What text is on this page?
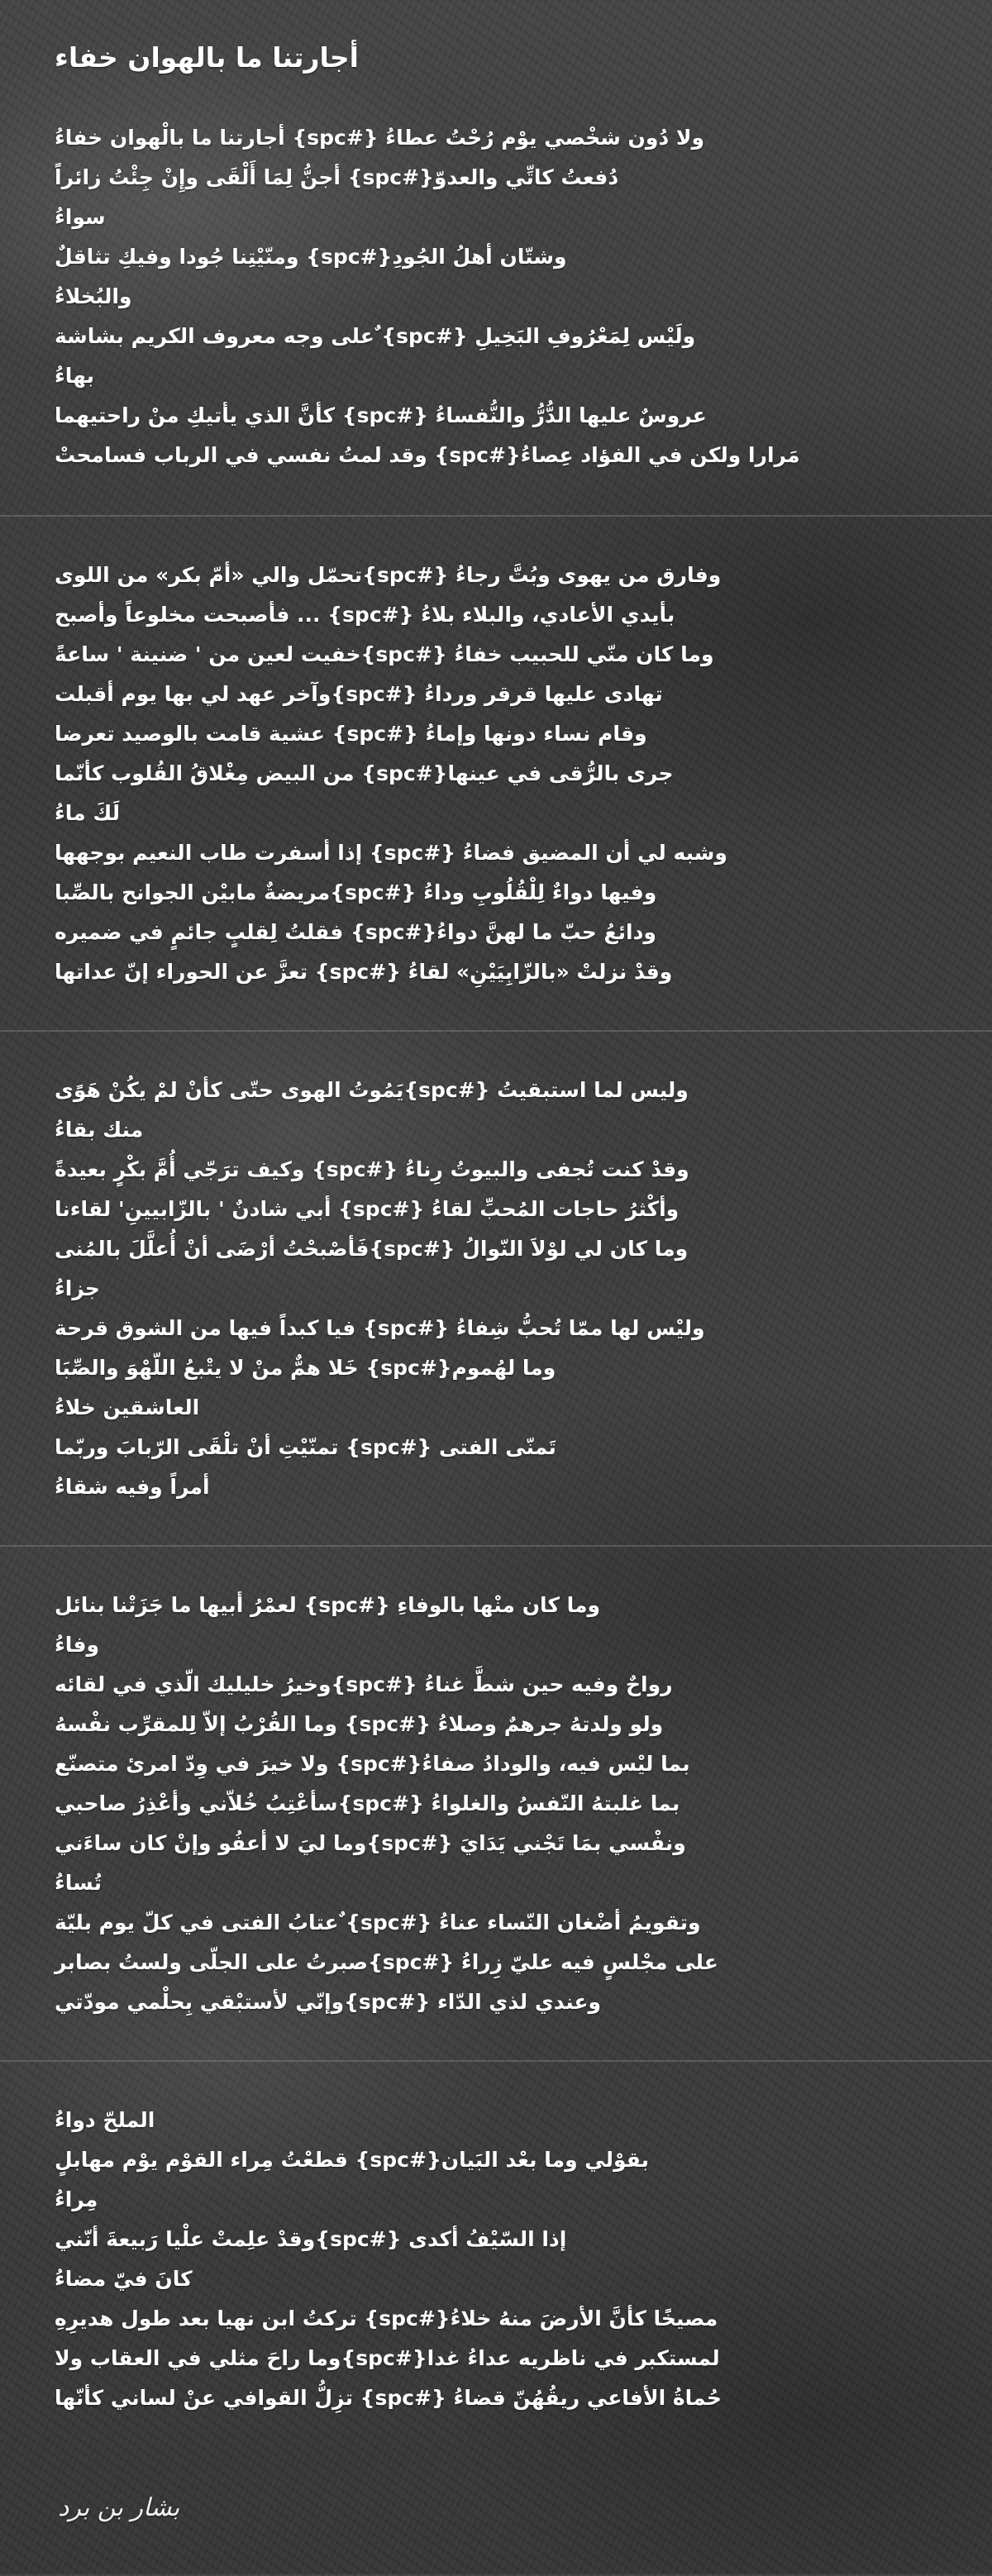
أجارتنا ما بالهوان خفاء
ولا دُون شخْصي يوْم رُحْتُ عطاءُ {#spc} أجارتنا ما بالْهوان خفاءُ
دُفعتُ كاتِّي والعدوّ{#spc} أجنُّ لِمَا أَلْقَى وإِنْ جِئْتُ زائراً
سواءُ
وشتّان أهلُ الجُودِ{#spc} ومنّيْتِنا جُودا وفيكِ تثاقلٌ
والبُخلاءُ
ولَيْس لِمَعْرُوفِ البَخِيلِ {#spc} ٌعلى وجه معروف الكريم بشاشة
بهاءُ
عروسٌ عليها الدُّرُّ والنُّفساءُ {#spc} كأنَّ الذي يأتيكِ منْ راحتيهما
مَرارا ولكن في الفؤاد عِصاءُ{#spc} وقد لمتُ نفسي في الرباب فسامحتْ
وفارق من يهوى وبُتَّ رجاءُ {#spc}تحمّل والي «أمّ بكر» من اللوى
بأيدي الأعادي، والبلاء بلاءُ {#spc} ... فأصبحت مخلوعاً وأصبح
وما كان منّي للحبيب خفاءُ {#spc}خفيت لعين من ' ضنينة ' ساعةً
تهادى عليها قرقر ورداءُ {#spc}وآخر عهد لي بها يوم أقبلت
وقام نساء دونها وإماءُ {#spc} عشية قامت بالوصيد تعرضا
جرى بالرُّقى في عينها{#spc} من البيض مِغْلاقُ القُلوب كأنّما
لَكَ ماءُ
وشبه لي أن المضيق فضاءُ {#spc} إذا أسفرت طاب النعيم بوجهها
وفيها دواءٌ لِلْقُلُوبِ وداءُ {#spc}مريضةٌ مابيْن الجوانح بالصِّبا
ودائعُ حبّ ما لهنَّ دواءُ{#spc} فقلتُ لِقلبٍ جائمٍ في ضميره
وقدْ نزلتْ «بالزّابِيَيْنِ» لقاءُ {#spc} تعزَّ عن الحوراء إنّ عداتها
وليس لما استبقيتُ {#spc}يَمُوتُ الهوى حتّى كأنْ لمْ يكُنْ هَوًى
منك بقاءُ
وقدْ كنت تُجفى والبيوتُ رِناءُ {#spc} وكيف ترَجّي أُمَّ بكْرٍ بعيدةً
وأكْثرُ حاجات المُحبِّ لقاءُ {#spc} أبي شادنٌ ' بالزّابيينِ' لقاءنا
وما كان لي لوْلاَ النّوالُ {#spc}فَأصْبحْتُ أرْضَى أنْ أُعلَّلَ بالمُنى
جزاءُ
وليْس لها ممّا تُحبُّ شِفاءُ {#spc} فيا كبداً فيها من الشوق قرحة
وما لهُموم{#spc} خَلا همٌّ منْ لا يتْبعُ اللّهْوَ والصِّبَا
العاشقين خلاءُ
تَمنّى الفتى {#spc} تمنّيْتِ أنْ تلْقَى الرّبابَ وربّما
أمراً وفيه شقاءُ
وما كان منْها بالوفاءِ {#spc} لعمْرُ أبيها ما جَزَتْنا بنائل
وفاءُ
رواحٌ وفيه حين شطَّ غناءُ {#spc}وخيرُ خليليك الّذي في لقائه
ولو ولدتهُ جرهمٌ وصلاءُ {#spc} وما القُرْبُ إلاّ لِلمقرِّب نفْسهُ
بما ليْس فيه، والودادُ صفاءُ{#spc} ولا خيرَ في وِدّ امرئ متصنّع
بما غلبتهُ النّفسُ والغلواءُ {#spc}سأعْتِبُ خُلاّني وأعْذِرُ صاحبي
ونفْسي بمَا تَجْني يَدَايَ {#spc}وما ليَ لا أعفُو وإنْ كان ساءَني
تُساءُ
وتقويمُ أضْغان النّساء عناءُ {#spc} ٌعتابُ الفتى في كلّ يوم بليّة
على مجْلسٍ فيه عليّ زِراءُ {#spc}صبرتُ على الجلّى ولستُ بصابر
وعندي لذي الدّاء {#spc}وإنّي لأستبْقي بِحلْمي مودّتي
الملحّ دواءُ
بقوْلي وما بعْد البَيان{#spc} قطعْتُ مِراء القوْم يوْم مهابلٍ
مِراءُ
إذا السّيْفُ أكدى {#spc}وقدْ علِمتْ علْيا رَبيعةَ أنّني
كانَ فيّ مضاءُ
مصيخًا كأنَّ الأرضَ منهُ خلاءُ{#spc} تركتُ ابن نهيا بعد طول هديرِهِ
لمستكبر في ناظريه عداءُ غدا{#spc}وما راحَ مثلي في العقاب ولا
حُماةُ الأفاعي ريقُهُنّ قضاءُ {#spc} تزِلُّ القوافي عنْ لساني كأنّها

بشار بن برد
